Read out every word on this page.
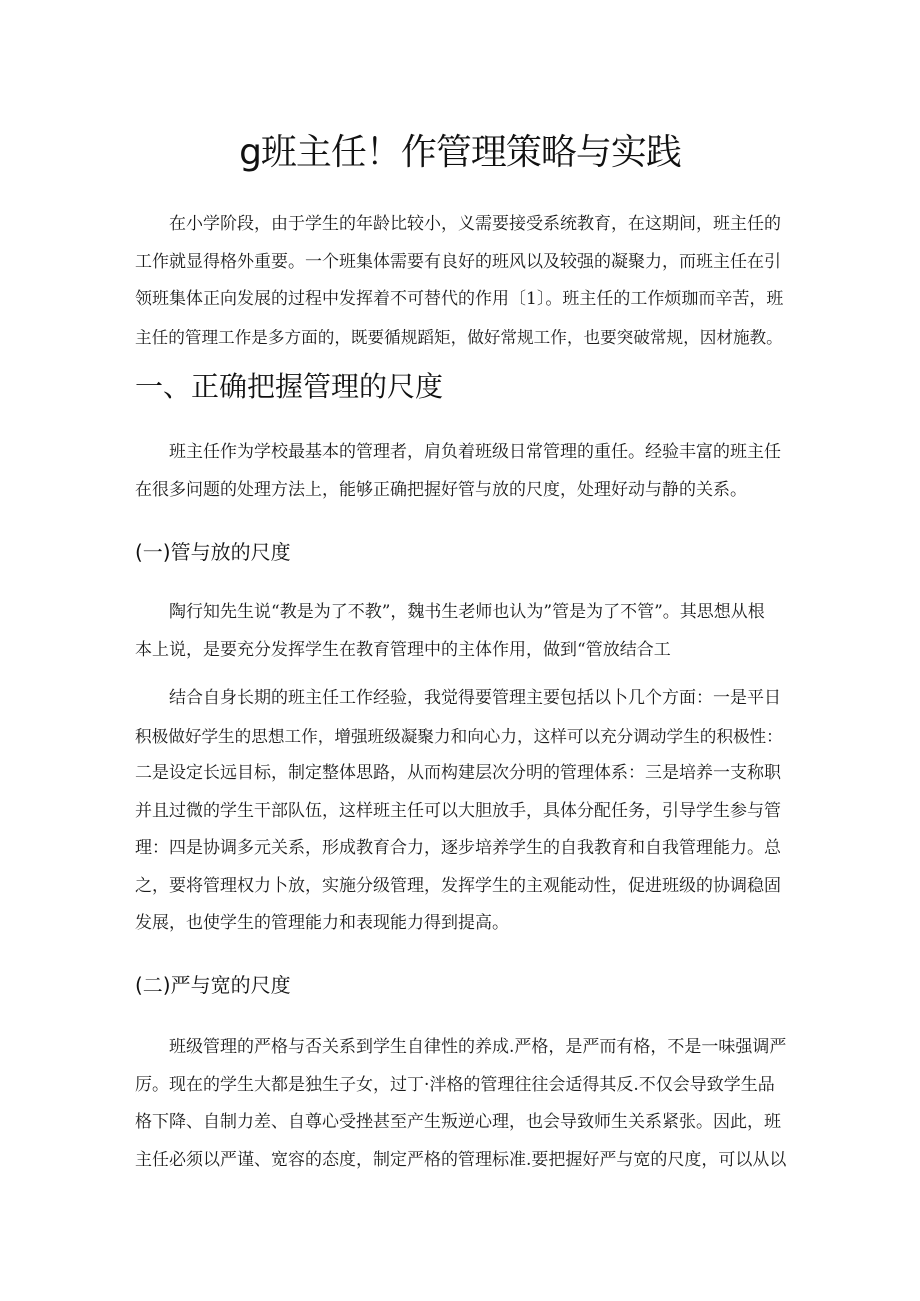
g班主任！作管理策略与实践
在小学阶段，由于学生的年龄比较小，义需要接受系统教育，在这期间，班主任的
工作就显得格外重要。一个班集体需要有良好的班风以及较强的凝聚力，而班主任在引
领班集体正向发展的过程中发挥着不可替代的作用〔1〕。班主任的工作烦珈而辛苦，班
主任的管理工作是多方面的，既要循规蹈矩，做好常规工作，也要突破常规，因材施教。
一、正确把握管理的尺度
班主任作为学校最基本的管理者，肩负着班级日常管理的重任。经验丰富的班主任
在很多问题的处理方法上，能够正确把握好管与放的尺度，处理好动与静的关系。
(一)管与放的尺度
陶行知先生说“教是为了不教”，魏书生老师也认为”管是为了不管”。其思想从根
本上说，是要充分发挥学生在教育管理中的主体作用，做到“管放结合工
结合自身长期的班主任工作经验，我觉得要管理主要包括以卜几个方面：一是平日
积极做好学生的思想工作，增强班级凝聚力和向心力，这样可以充分调动学生的积极性：
二是设定长远目标，制定整体思路，从而构建层次分明的管理体系：三是培养一支称职
并且过微的学生干部队伍，这样班主任可以大胆放手，具体分配任务，引导学生参与管
理：四是协调多元关系，形成教育合力，逐步培养学生的自我教育和自我管理能力。总
之，要将管理权力卜放，实施分级管理，发挥学生的主观能动性，促进班级的协调稳固
发展，也使学生的管理能力和表现能力得到提高。
(二)严与宽的尺度
班级管理的严格与否关系到学生自律性的养成.严格，是严而有格，不是一味强调严
厉。现在的学生大都是独生子女，过丁·泮格的管理往往会适得其反.不仅会导致学生品
格下降、自制力差、自尊心受挫甚至产生叛逆心理，也会导致师生关系紧张。因此，班
主任必须以严谨、宽容的态度，制定严格的管理标准.要把握好严与宽的尺度，可以从以
